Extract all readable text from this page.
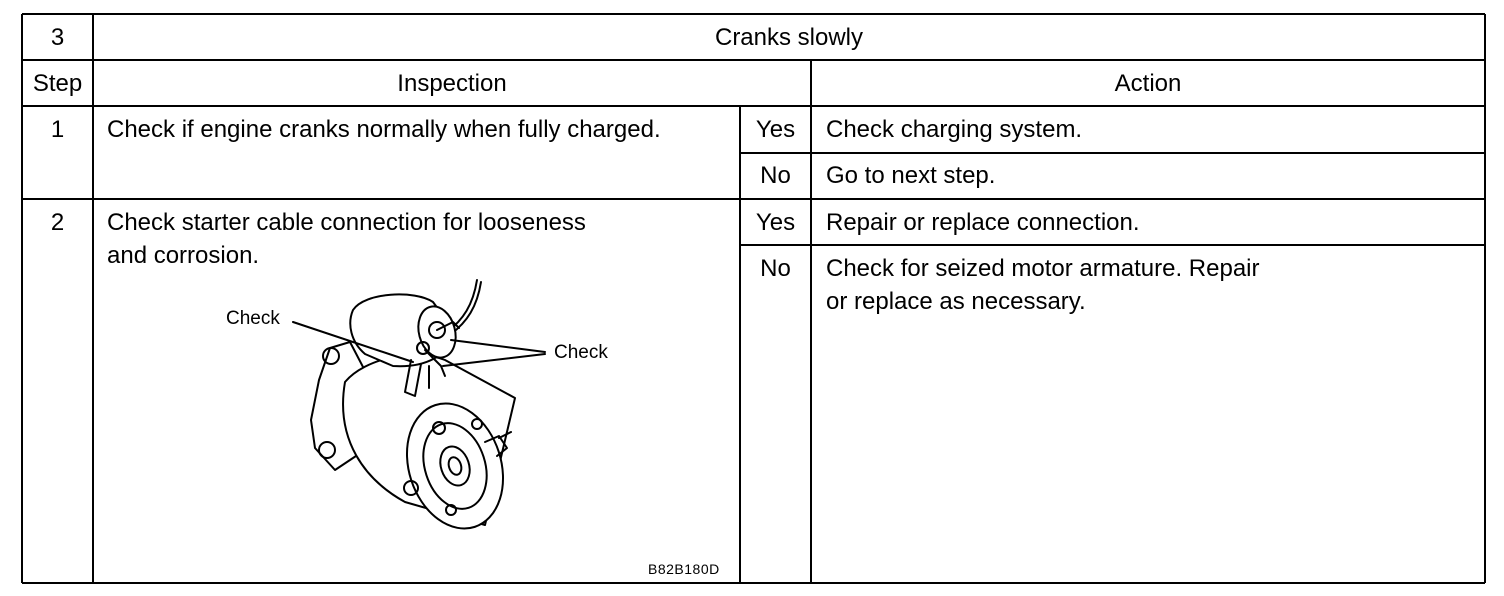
3	Cranks slowly
Step	Inspection	Action
1	Check if engine cranks normally when fully charged.	Yes	Check charging system.
No	Go to next step.
2	Check starter cable connection for looseness
and corrosion.
Yes	Repair or replace connection.
No	Check for seized motor armature. Repair
or replace as necessary.
Check
Check
B82B180D
